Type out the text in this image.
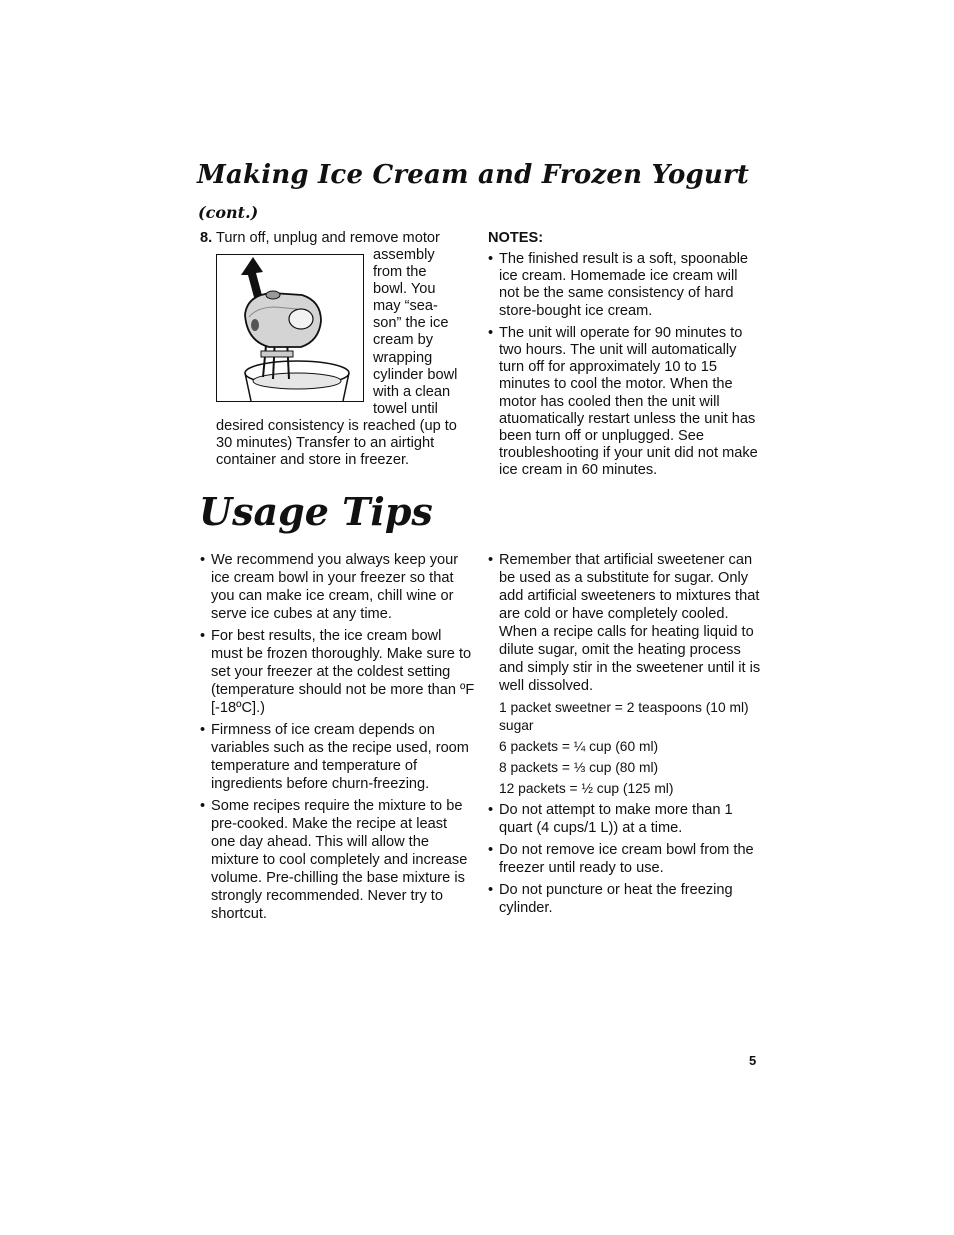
Making Ice Cream and Frozen Yogurt
(cont.)
8. Turn off, unplug and remove motor
assembly
from the
bowl. You
may “sea-
son” the ice
cream by
wrapping
cylinder bowl
with a clean
towel until
desired consistency is reached (up to 30 minutes) Transfer to an airtight container and store in freezer.
NOTES:
• The finished result is a soft, spoonable ice cream. Homemade ice cream will not be the same consistency of hard store-bought ice cream.
• The unit will operate for 90 minutes to two hours. The unit will automatically turn off for approximately 10 to 15 minutes to cool the motor. When the motor has cooled then the unit will atuomatically restart unless the unit has been turn off or unplugged. See troubleshooting if your unit did not make ice cream in 60 minutes.
Usage Tips
• We recommend you always keep your ice cream bowl in your freezer so that you can make ice cream, chill wine or serve ice cubes at any time.
• For best results, the ice cream bowl must be frozen thoroughly. Make sure to set your freezer at the coldest setting (temperature should not be more than ºF [-18ºC].)
• Firmness of ice cream depends on variables such as the recipe used, room temperature and temperature of ingredients before churn-freezing.
• Some recipes require the mixture to be pre-cooked. Make the recipe at least one day ahead. This will allow the mixture to cool completely and increase volume. Pre-chilling the base mixture is strongly recommended. Never try to shortcut.
• Remember that artificial sweetener can be used as a substitute for sugar. Only add artificial sweeteners to mixtures that are cold or have completely cooled. When a recipe calls for heating liquid to dilute sugar, omit the heating process and simply stir in the sweetener until it is well dissolved.
1 packet sweetner = 2 teaspoons (10 ml) sugar
6 packets = ¼ cup (60 ml)
8 packets = ⅓ cup (80 ml)
12 packets = ½ cup (125 ml)
• Do not attempt to make more than 1 quart (4 cups/1 L)) at a time.
• Do not remove ice cream bowl from the freezer until ready to use.
• Do not puncture or heat the freezing cylinder.
5
